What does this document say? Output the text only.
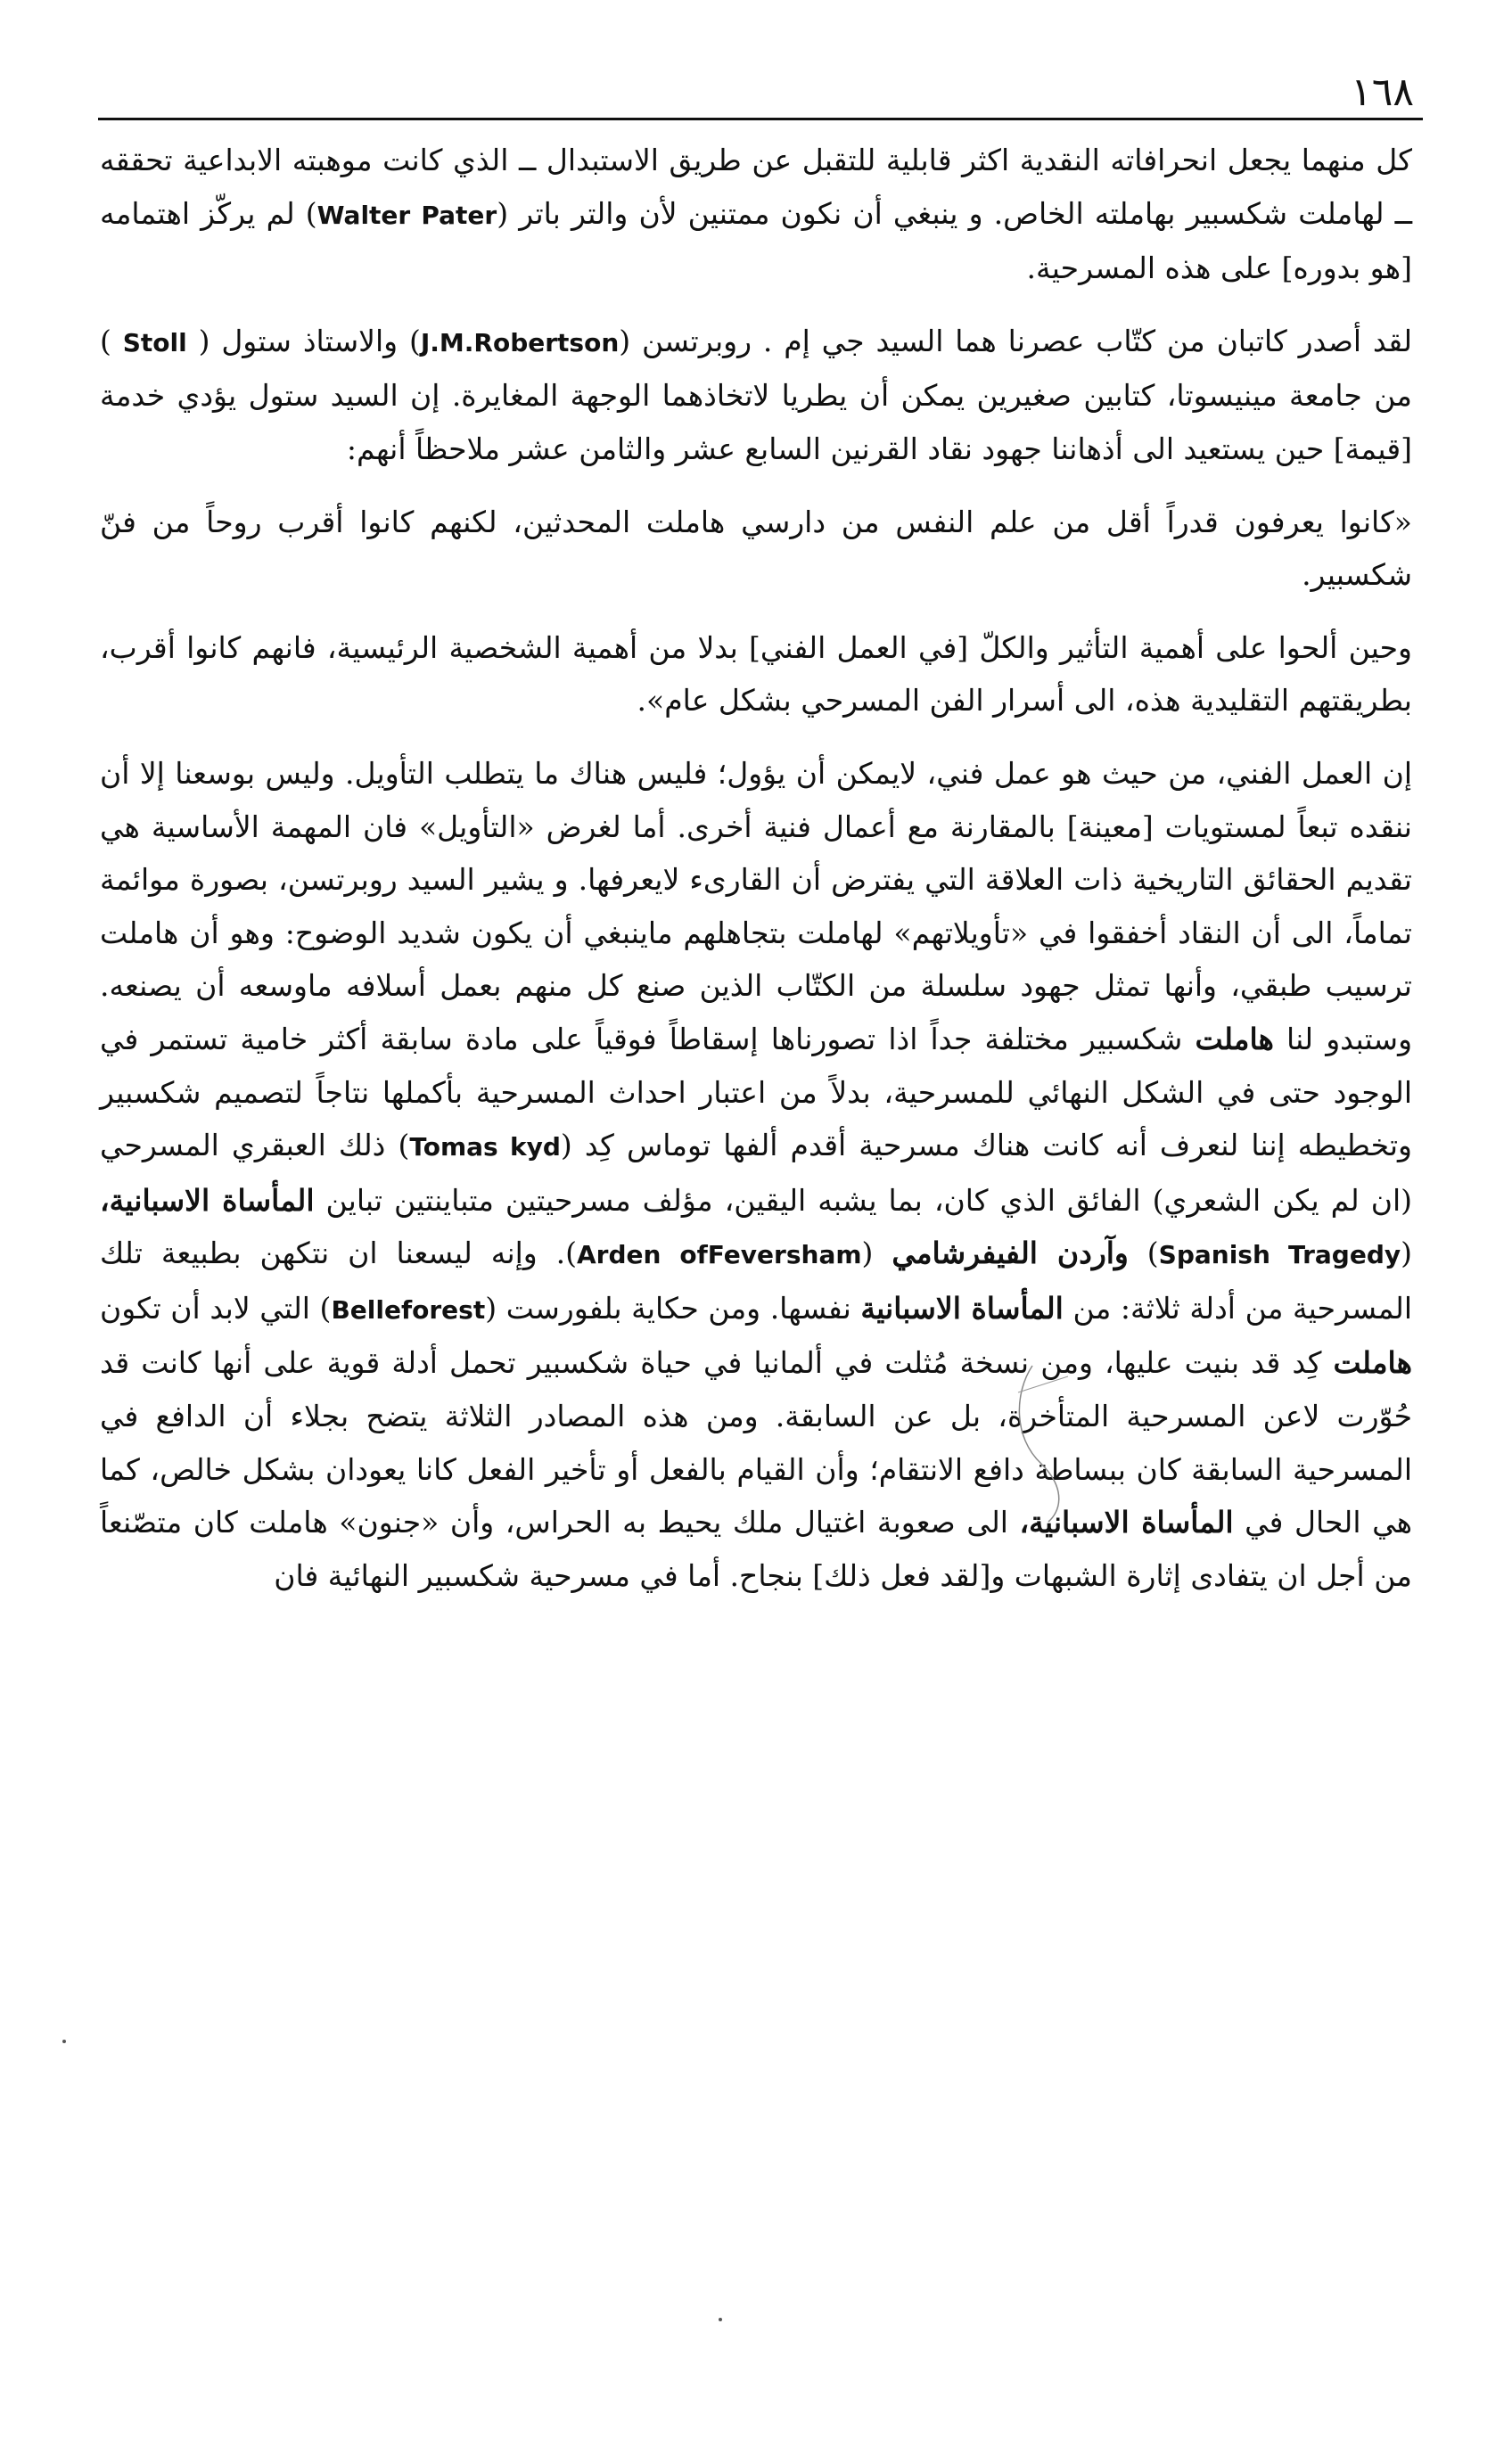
١٦٨

كل منهما يجعل انحرافاته النقدية اكثر قابلية للتقبل عن طريق الاستبدال ــ الذي كانت موهبته الابداعية تحققه ــ لهاملت شكسبير بهاملته الخاص. و ينبغي أن نكون ممتنين لأن والتر باتر (Pater Walter) لم يركّز اهتمامه [هو بدوره] على هذه المسرحية.

لقد أصدر كاتبان من كتّاب عصرنا هما السيد جي إم . روبرتسن (J.M.Robertson) والاستاذ ستول ( Stoll ) من جامعة مينيسوتا، كتابين صغيرين يمكن أن يطريا لاتخاذهما الوجهة المغايرة. إن السيد ستول يؤدي خدمة [قيمة] حين يستعيد الى أذهاننا جهود نقاد القرنين السابع عشر والثامن عشر ملاحظاً أنهم:

«كانوا يعرفون قدراً أقل من علم النفس من دارسي هاملت المحدثين، لكنهم كانوا أقرب روحاً من فنّ شكسبير.

وحين ألحوا على أهمية التأثير والكلّ [في العمل الفني] بدلا من أهمية الشخصية الرئيسية، فانهم كانوا أقرب، بطريقتهم التقليدية هذه، الى أسرار الفن المسرحي بشكل عام».

إن العمل الفني، من حيث هو عمل فني، لايمكن أن يؤول؛ فليس هناك ما يتطلب التأويل. وليس بوسعنا إلا أن ننقده تبعاً لمستويات [معينة] بالمقارنة مع أعمال فنية أخرى. أما لغرض «التأويل» فان المهمة الأساسية هي تقديم الحقائق التاريخية ذات العلاقة التي يفترض أن القارىء لايعرفها. و يشير السيد روبرتسن، بصورة موائمة تماماً، الى أن النقاد أخفقوا في «تأويلاتهم» لهاملت بتجاهلهم ماينبغي أن يكون شديد الوضوح: وهو أن هاملت ترسيب طبقي، وأنها تمثل جهود سلسلة من الكتّاب الذين صنع كل منهم بعمل أسلافه ماوسعه أن يصنعه. وستبدو لنا هاملت شكسبير مختلفة جداً اذا تصورناها إسقاطاً فوقياً على مادة سابقة أكثر خامية تستمر في الوجود حتى في الشكل النهائي للمسرحية، بدلاً من اعتبار احداث المسرحية بأكملها نتاجاً لتصميم شكسبير وتخطيطه إننا لنعرف أنه كانت هناك مسرحية أقدم ألفها توماس كِد (Tomas kyd) ذلك العبقري المسرحي (ان لم يكن الشعري) الفائق الذي كان، بما يشبه اليقين، مؤلف مسرحيتين متباينتين تباين المأساة الاسبانية، (Spanish Tragedy) وآردن الفيفرشامي (ofFeversham Arden). وإنه ليسعنا ان نتكهن بطبيعة تلك المسرحية من أدلة ثلاثة: من المأساة الاسبانية نفسها. ومن حكاية بلفورست (Belleforest) التي لابد أن تكون هاملت كِد قد بنيت عليها، ومن نسخة مُثلت في ألمانيا في حياة شكسبير تحمل أدلة قوية على أنها كانت قد حُوّرت لاعن المسرحية المتأخرة، بل عن السابقة. ومن هذه المصادر الثلاثة يتضح بجلاء أن الدافع في المسرحية السابقة كان ببساطة دافع الانتقام؛ وأن القيام بالفعل أو تأخير الفعل كانا يعودان بشكل خالص، كما هي الحال في المأساة الاسبانية، الى صعوبة اغتيال ملك يحيط به الحراس، وأن «جنون» هاملت كان متصّنعاً من أجل ان يتفادى إثارة الشبهات و[لقد فعل ذلك] بنجاح. أما في مسرحية شكسبير النهائية فان
